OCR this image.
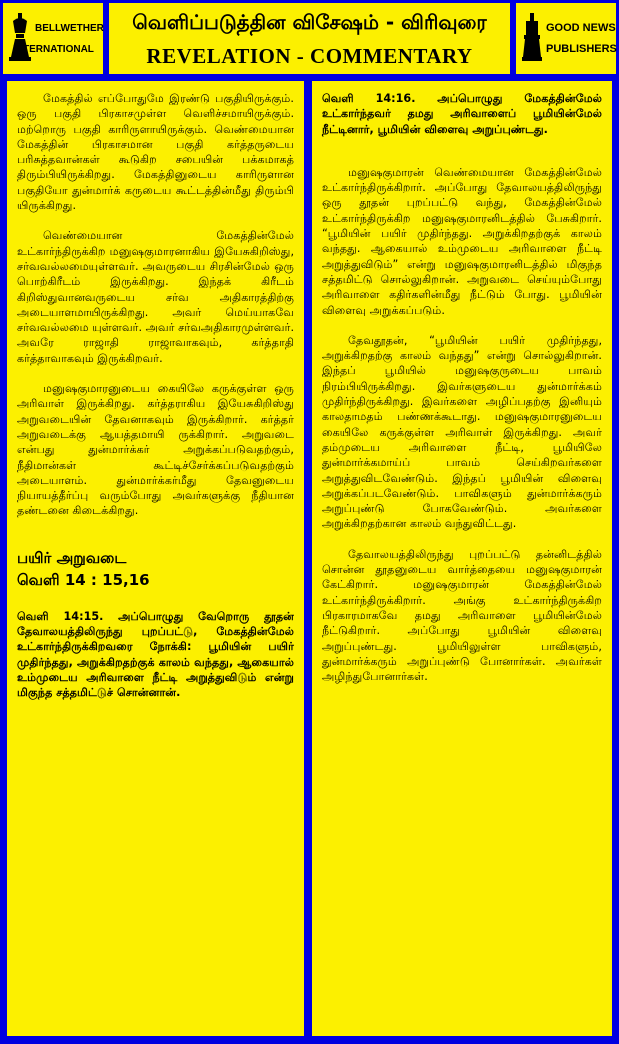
BELLWETHER
INTERNATIONAL
வெளிப்படுத்தின விசேஷம் - விரிவுரை
REVELATION - COMMENTARY
GOOD NEWS
PUBLISHERS

மேகத்தில் எப்போதுமே இரண்டு பகுதியிருக்கும். ஒரு பகுதி பிரகாசமுள்ள வெளிச்சமாயிருக்கும். மற்றொரு பகுதி காரிருளாயிருக்கும். வெண்மையான மேகத்தின் பிரகாசமான பகுதி கர்த்தருடைய பரிசுத்தவான்கள் கூடுகிற சபையின் பக்கமாகத் திரும்பியிருக்கிறது. மேகத்தினுடைய காரிருளான பகுதியோ துன்மார்க் கருடைய கூட்டத்தின்மீது திரும்பி யிருக்கிறது.

வெண்மையான மேகத்தின்மேல் உட்கார்ந்திருக்கிற மனுஷகுமாரனாகிய இயேசுகிறிஸ்து, சர்வவல்லமையுள்ளவர். அவருடைய சிரசின்மேல் ஒரு பொற்கிரீடம் இருக்கிறது. இந்தக் கிரீடம் கிறிஸ்துவானவருடைய சர்வ அதிகாரத்திற்கு அடையாளமாயிருக்கிறது. அவர் மெய்யாகவே சர்வவல்லமை யுள்ளவர். அவர் சர்வஅதிகாரமுள்ளவர். அவரே ராஜாதி ராஜாவாகவும், கர்த்தாதி கர்த்தாவாகவும் இருக்கிறவர்.

மனுஷகுமாரனுடைய கையிலே கருக்குள்ள ஒரு அரிவாள் இருக்கிறது. கர்த்தராகிய இயேசுகிறிஸ்து அறுவடையின் தேவனாகவும் இருக்கிறார். கர்த்தர் அறுவடைக்கு ஆயத்தமாயி ருக்கிறார். அறுவடை என்பது துன்மார்க்கர் அறுக்கப்படுவதற்கும், நீதிமான்கள் கூட்டிச்சேர்க்கப்படுவதற்கும் அடையாளம். துன்மார்க்கர்மீது தேவனுடைய நியாயத்தீர்ப்பு வரும்போது அவர்களுக்கு நீதியான தண்டனை கிடைக்கிறது.

பயிர் அறுவடை
வெளி 14 : 15,16

வெளி 14:15. அப்பொழுது வேறொரு தூதன் தேவாலயத்திலிருந்து புறப்பட்டு, மேகத்தின்மேல் உட்கார்ந்திருக்கிறவரை நோக்கி: பூமியின் பயிர் முதிர்ந்தது, அறுக்கிறதற்குக் காலம் வந்தது, ஆகையால் உம்முடைய அரிவாளை நீட்டி அறுத்துவிடும் என்று மிகுந்த சத்தமிட்டுச் சொன்னான்.

வெளி 14:16. அப்பொழுது மேகத்தின்மேல் உட்கார்ந்தவர் தமது அரிவாளைப் பூமியின்மேல் நீட்டினார், பூமியின் விளைவு அறுப்புண்டது.

மனுஷகுமாரன் வெண்மையான மேகத்தின்மேல் உட்கார்ந்திருக்கிறார். அப்போது தேவாலயத்திலிருந்து ஒரு தூதன் புறப்பட்டு வந்து, மேகத்தின்மேல் உட்கார்ந்திருக்கிற மனுஷகுமாரனிடத்தில் பேசுகிறார். “பூமியின் பயிர் முதிர்ந்தது. அறுக்கிறதற்குக் காலம் வந்தது. ஆகையால் உம்முடைய அரிவாளை நீட்டி அறுத்துவிடும்” என்று மனுஷகுமாரனிடத்தில் மிகுந்த சத்தமிட்டு சொல்லுகிறான். அறுவடை செய்யும்போது அரிவாளை கதிர்களின்மீது நீட்டும் போது. பூமியின் விளைவு அறுக்கப்படும்.

தேவதூதன், “பூமியின் பயிர் முதிர்ந்தது, அறுக்கிறதற்கு காலம் வந்தது” என்று சொல்லுகிறான். இந்தப் பூமியில் மனுஷகுருடைய பாவம் நிரம்பியிருக்கிறது. இவர்களுடைய துன்மார்க்கம் முதிர்ந்திருக்கிறது. இவர்களை அழிப்பதற்கு இனியும் காலதாமதம் பண்ணக்கூடாது. மனுஷகுமாரனுடைய கையிலே கருக்குள்ள அரிவாள் இருக்கிறது. அவர் தம்முடைய அரிவாளை நீட்டி, பூமியிலே துன்மார்க்கமாய்ப் பாவம் செய்கிறவர்களை அறுத்துவிடவேண்டும். இந்தப் பூமியின் விளைவு அறுக்கப்படவேண்டும். பாவிகளும் துன்மார்க்கரும் அறுப்புண்டு போகவேண்டும். அவர்களை அறுக்கிறதற்கான காலம் வந்துவிட்டது.

தேவாலயத்திலிருந்து புறப்பட்டு தன்னிடத்தில் சொன்ன தூதனுடைய வார்த்தையை மனுஷகுமாரன் கேட்கிறார். மனுஷகுமாரன் மேகத்தின்மேல் உட்கார்ந்திருக்கிறார். அங்கு உட்கார்ந்திருக்கிற பிரகாரமாகவே தமது அரிவாளை பூமியின்மேல் நீட்டுகிறார். அப்போது பூமியின் விளைவு அறுப்புண்டது. பூமியிலுள்ள பாவிகளும், துன்மார்க்கரும் அறுப்புண்டு போனார்கள். அவர்கள் அழிந்துபோனார்கள்.
